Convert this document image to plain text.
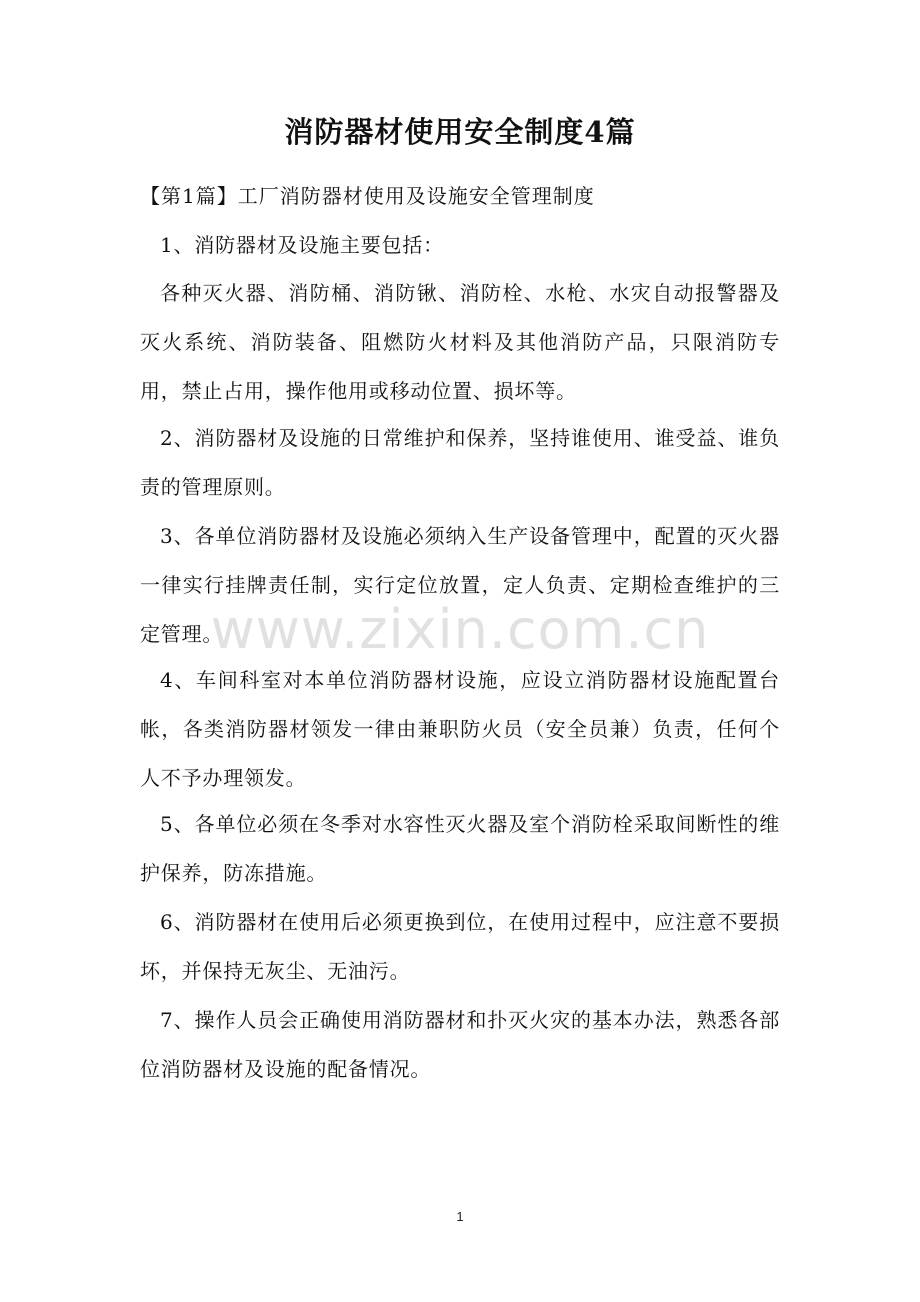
消防器材使用安全制度4篇
【第1篇】工厂消防器材使用及设施安全管理制度
1、消防器材及设施主要包括：
各种灭火器、消防桶、消防锹、消防栓、水枪、水灾自动报警器及灭火系统、消防装备、阻燃防火材料及其他消防产品，只限消防专用，禁止占用，操作他用或移动位置、损坏等。
2、消防器材及设施的日常维护和保养，坚持谁使用、谁受益、谁负责的管理原则。
3、各单位消防器材及设施必须纳入生产设备管理中，配置的灭火器一律实行挂牌责任制，实行定位放置，定人负责、定期检查维护的三定管理。
4、车间科室对本单位消防器材设施，应设立消防器材设施配置台帐，各类消防器材领发一律由兼职防火员（安全员兼）负责，任何个人不予办理领发。
5、各单位必须在冬季对水容性灭火器及室个消防栓采取间断性的维护保养，防冻措施。
6、消防器材在使用后必须更换到位，在使用过程中，应注意不要损坏，并保持无灰尘、无油污。
7、操作人员会正确使用消防器材和扑灭火灾的基本办法，熟悉各部位消防器材及设施的配备情况。
www.zixin.com.cn
1
